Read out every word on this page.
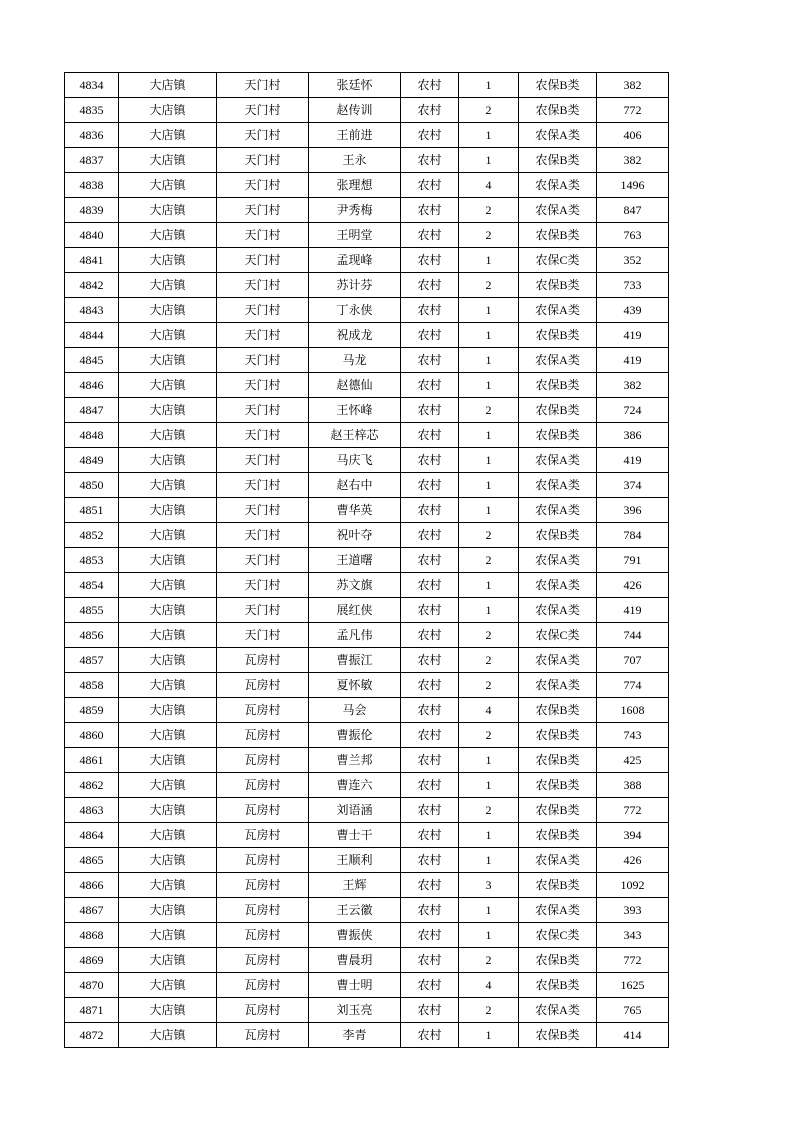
4834	大店镇	天门村	张廷怀	农村	1	农保B类	382
4835	大店镇	天门村	赵传训	农村	2	农保B类	772
4836	大店镇	天门村	王前进	农村	1	农保A类	406
4837	大店镇	天门村	王永	农村	1	农保B类	382
4838	大店镇	天门村	张理想	农村	4	农保A类	1496
4839	大店镇	天门村	尹秀梅	农村	2	农保A类	847
4840	大店镇	天门村	王明堂	农村	2	农保B类	763
4841	大店镇	天门村	孟现峰	农村	1	农保C类	352
4842	大店镇	天门村	苏计芬	农村	2	农保B类	733
4843	大店镇	天门村	丁永侠	农村	1	农保A类	439
4844	大店镇	天门村	祝成龙	农村	1	农保B类	419
4845	大店镇	天门村	马龙	农村	1	农保A类	419
4846	大店镇	天门村	赵德仙	农村	1	农保B类	382
4847	大店镇	天门村	王怀峰	农村	2	农保B类	724
4848	大店镇	天门村	赵王梓芯	农村	1	农保B类	386
4849	大店镇	天门村	马庆飞	农村	1	农保A类	419
4850	大店镇	天门村	赵右中	农村	1	农保A类	374
4851	大店镇	天门村	曹华英	农村	1	农保A类	396
4852	大店镇	天门村	祝叶夺	农村	2	农保B类	784
4853	大店镇	天门村	王道曙	农村	2	农保A类	791
4854	大店镇	天门村	苏文旗	农村	1	农保A类	426
4855	大店镇	天门村	展红侠	农村	1	农保A类	419
4856	大店镇	天门村	孟凡伟	农村	2	农保C类	744
4857	大店镇	瓦房村	曹振江	农村	2	农保A类	707
4858	大店镇	瓦房村	夏怀敏	农村	2	农保A类	774
4859	大店镇	瓦房村	马会	农村	4	农保B类	1608
4860	大店镇	瓦房村	曹振伦	农村	2	农保B类	743
4861	大店镇	瓦房村	曹兰邦	农村	1	农保B类	425
4862	大店镇	瓦房村	曹连六	农村	1	农保B类	388
4863	大店镇	瓦房村	刘语涵	农村	2	农保B类	772
4864	大店镇	瓦房村	曹士干	农村	1	农保B类	394
4865	大店镇	瓦房村	王顺利	农村	1	农保A类	426
4866	大店镇	瓦房村	王辉	农村	3	农保B类	1092
4867	大店镇	瓦房村	王云徽	农村	1	农保A类	393
4868	大店镇	瓦房村	曹振侠	农村	1	农保C类	343
4869	大店镇	瓦房村	曹晨玥	农村	2	农保B类	772
4870	大店镇	瓦房村	曹士明	农村	4	农保B类	1625
4871	大店镇	瓦房村	刘玉亮	农村	2	农保A类	765
4872	大店镇	瓦房村	李青	农村	1	农保B类	414
